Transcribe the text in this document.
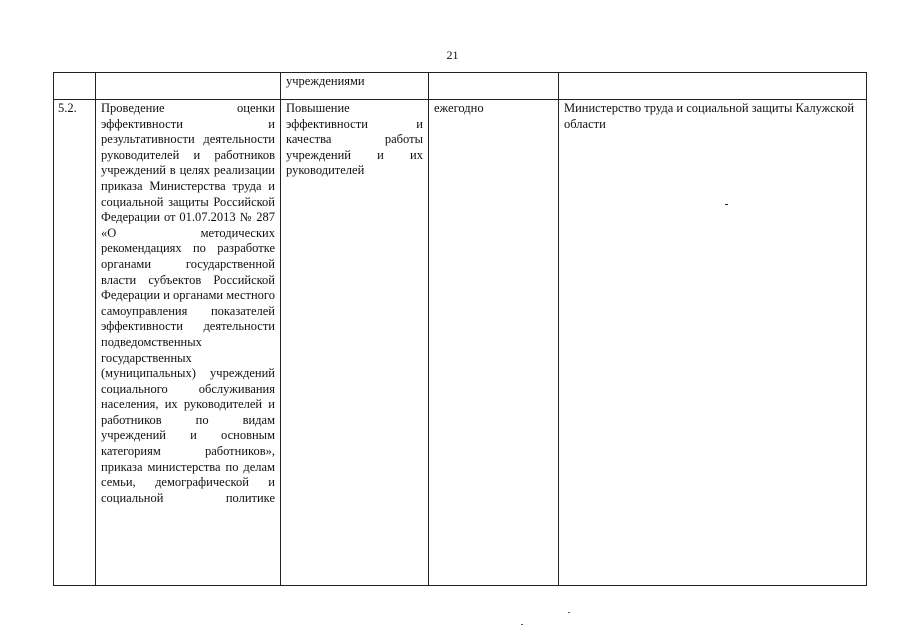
21
		учреждениями		
5.2.	Проведение оценки эффективности и результативности деятельности руководителей и работников учреждений в целях реализации приказа Министерства труда и социальной защиты Российской Федерации от 01.07.2013 № 287 «О методических рекомендациях по разработке органами государственной власти субъектов Российской Федерации и органами местного самоуправления показателей эффективности деятельности подведомственных государственных (муниципальных) учреждений социального обслуживания населения, их руководителей и работников по видам учреждений и основным категориям работников», приказа министерства по делам семьи, демографической и социальной политике	Повышение эффективности и качества работы учреждений и их руководителей	ежегодно	Министерство труда и социальной защиты Калужской области
